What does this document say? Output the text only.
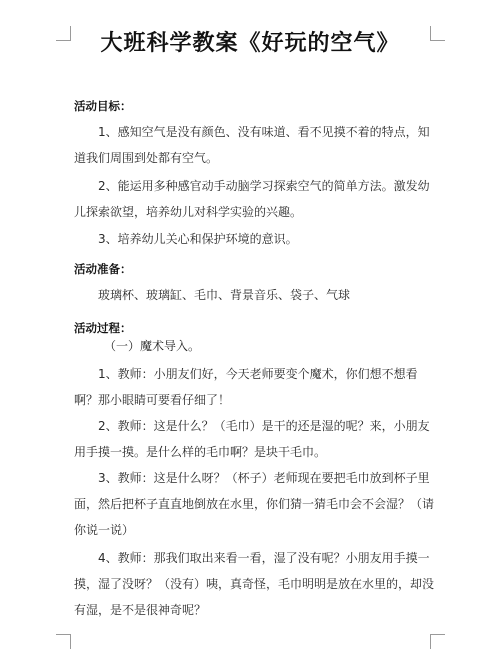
大班科学教案《好玩的空气》
活动目标：

1、感知空气是没有颜色、没有味道、看不见摸不着的特点，知道我们周围到处都有空气。

2、能运用多种感官动手动脑学习探索空气的简单方法。激发幼儿探索欲望，培养幼儿对科学实验的兴趣。

3、培养幼儿关心和保护环境的意识。

活动准备：

玻璃杯、玻璃缸、毛巾、背景音乐、袋子、气球

活动过程：

（一）魔术导入。

1、教师：小朋友们好，今天老师要变个魔术，你们想不想看啊？那小眼睛可要看仔细了！

2、教师：这是什么？（毛巾）是干的还是湿的呢？来，小朋友用手摸一摸。是什么样的毛巾啊？是块干毛巾。

3、教师：这是什么呀？（杯子）老师现在要把毛巾放到杯子里面，然后把杯子直直地倒放在水里，你们猜一猜毛巾会不会湿？（请你说一说）

4、教师：那我们取出来看一看，湿了没有呢？小朋友用手摸一摸，湿了没呀？（没有）咦，真奇怪，毛巾明明是放在水里的，却没有湿，是不是很神奇呢？
